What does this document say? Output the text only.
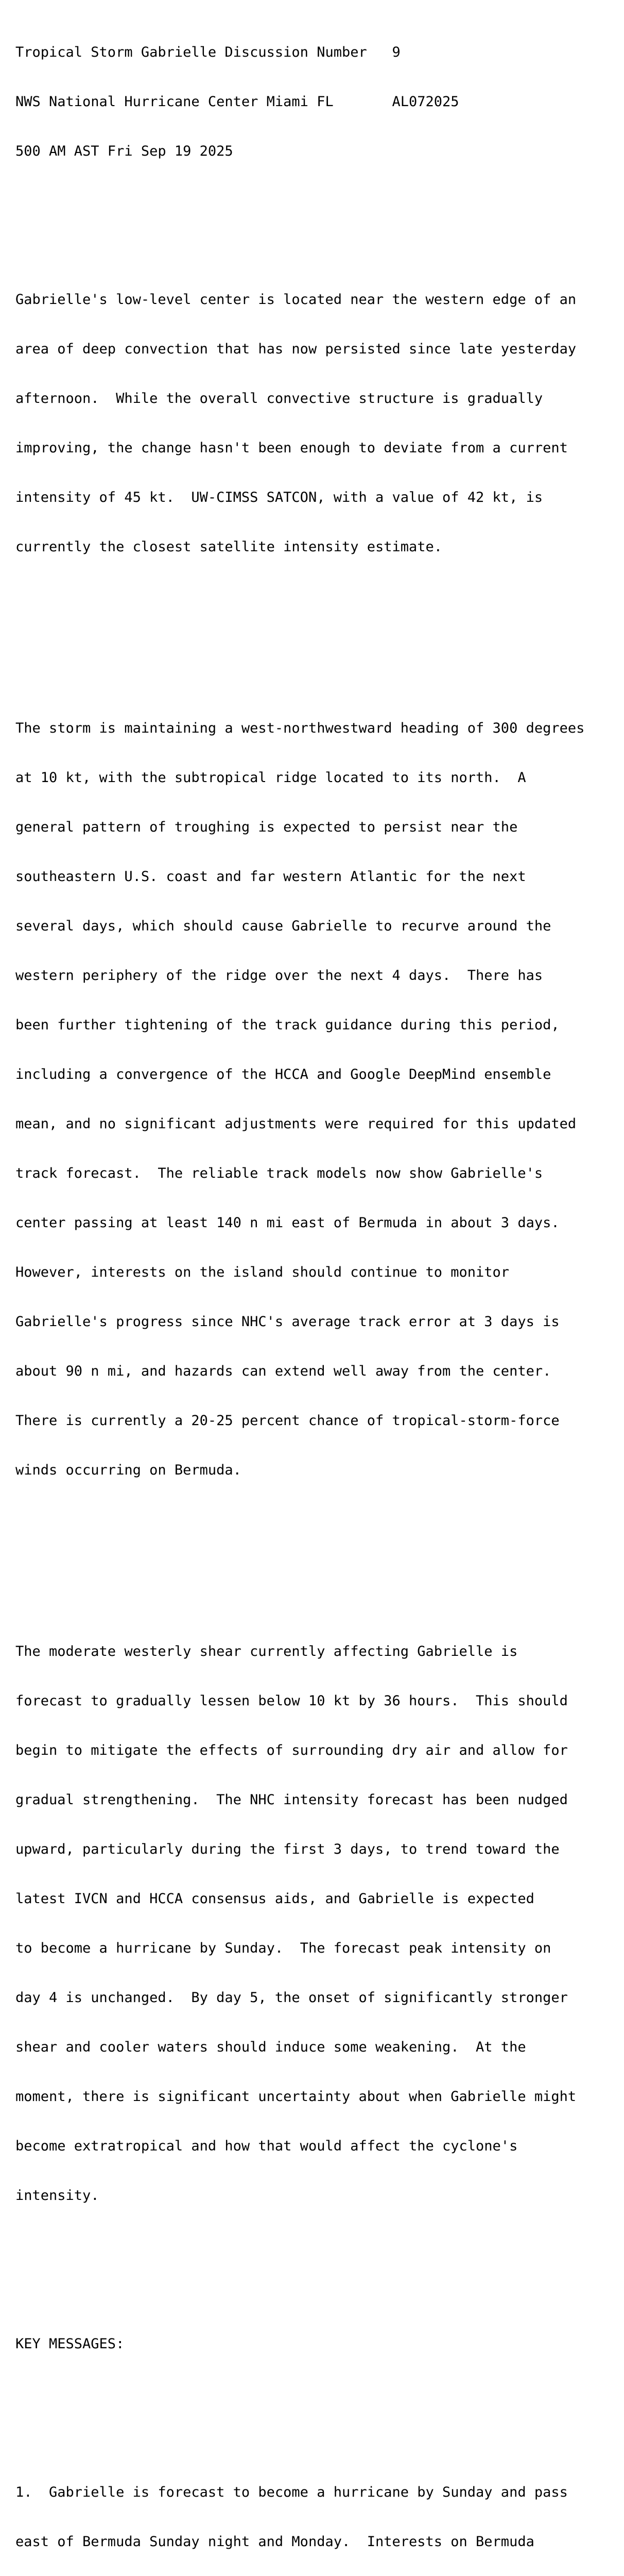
Tropical Storm Gabrielle Discussion Number   9

NWS National Hurricane Center Miami FL       AL072025

500 AM AST Fri Sep 19 2025

Gabrielle's low-level center is located near the western edge of an

area of deep convection that has now persisted since late yesterday

afternoon.  While the overall convective structure is gradually

improving, the change hasn't been enough to deviate from a current

intensity of 45 kt.  UW-CIMSS SATCON, with a value of 42 kt, is

currently the closest satellite intensity estimate.

The storm is maintaining a west-northwestward heading of 300 degrees

at 10 kt, with the subtropical ridge located to its north.  A

general pattern of troughing is expected to persist near the

southeastern U.S. coast and far western Atlantic for the next

several days, which should cause Gabrielle to recurve around the

western periphery of the ridge over the next 4 days.  There has

been further tightening of the track guidance during this period,

including a convergence of the HCCA and Google DeepMind ensemble

mean, and no significant adjustments were required for this updated

track forecast.  The reliable track models now show Gabrielle's

center passing at least 140 n mi east of Bermuda in about 3 days.

However, interests on the island should continue to monitor

Gabrielle's progress since NHC's average track error at 3 days is

about 90 n mi, and hazards can extend well away from the center.

There is currently a 20-25 percent chance of tropical-storm-force

winds occurring on Bermuda.

The moderate westerly shear currently affecting Gabrielle is

forecast to gradually lessen below 10 kt by 36 hours.  This should

begin to mitigate the effects of surrounding dry air and allow for

gradual strengthening.  The NHC intensity forecast has been nudged

upward, particularly during the first 3 days, to trend toward the

latest IVCN and HCCA consensus aids, and Gabrielle is expected

to become a hurricane by Sunday.  The forecast peak intensity on

day 4 is unchanged.  By day 5, the onset of significantly stronger

shear and cooler waters should induce some weakening.  At the

moment, there is significant uncertainty about when Gabrielle might

become extratropical and how that would affect the cyclone's

intensity.

KEY MESSAGES:

1.  Gabrielle is forecast to become a hurricane by Sunday and pass

east of Bermuda Sunday night and Monday.  Interests on Bermuda
